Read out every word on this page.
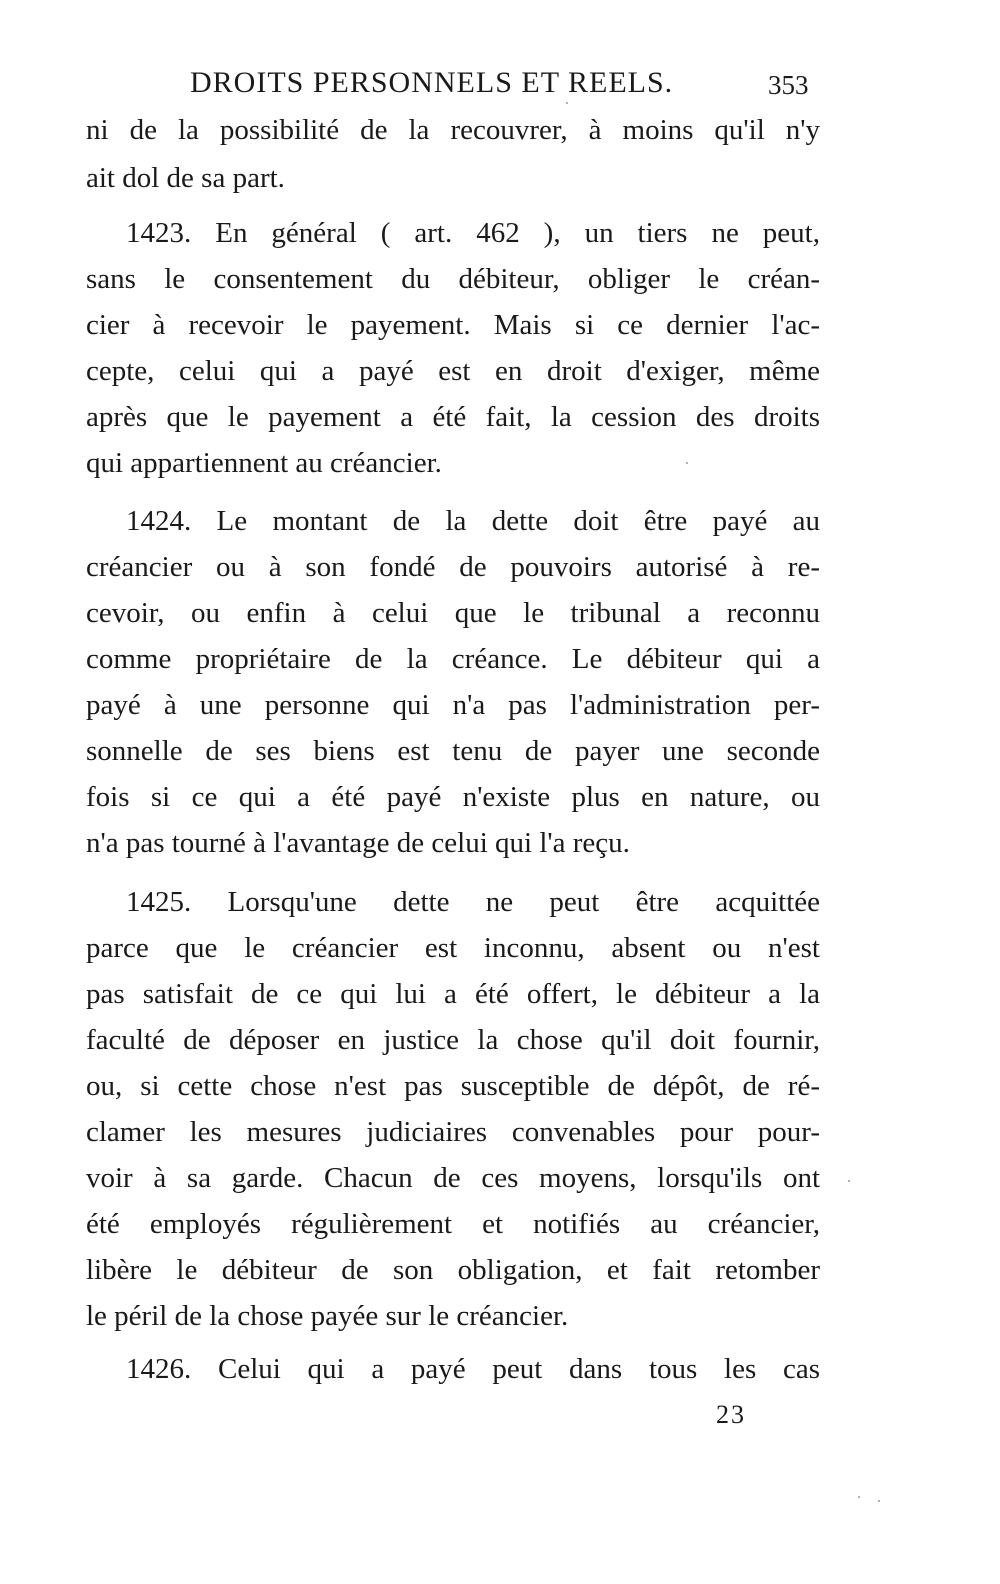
DROITS PERSONNELS ET REELS.	353
ni de la possibilité de la recouvrer, à moins qu'il n'y
ait dol de sa part.
1423. En général ( art. 462 ), un tiers ne peut,
sans le consentement du débiteur, obliger le créan-
cier à recevoir le payement. Mais si ce dernier l'ac-
cepte, celui qui a payé est en droit d'exiger, même
après que le payement a été fait, la cession des droits
qui appartiennent au créancier.
1424. Le montant de la dette doit être payé au
créancier ou à son fondé de pouvoirs autorisé à re-
cevoir, ou enfin à celui que le tribunal a reconnu
comme propriétaire de la créance. Le débiteur qui a
payé à une personne qui n'a pas l'administration per-
sonnelle de ses biens est tenu de payer une seconde
fois si ce qui a été payé n'existe plus en nature, ou
n'a pas tourné à l'avantage de celui qui l'a reçu.
1425. Lorsqu'une dette ne peut être acquittée
parce que le créancier est inconnu, absent ou n'est
pas satisfait de ce qui lui a été offert, le débiteur a la
faculté de déposer en justice la chose qu'il doit fournir,
ou, si cette chose n'est pas susceptible de dépôt, de ré-
clamer les mesures judiciaires convenables pour pour-
voir à sa garde. Chacun de ces moyens, lorsqu'ils ont
été employés régulièrement et notifiés au créancier,
libère le débiteur de son obligation, et fait retomber
le péril de la chose payée sur le créancier.
1426. Celui qui a payé peut dans tous les cas
23
